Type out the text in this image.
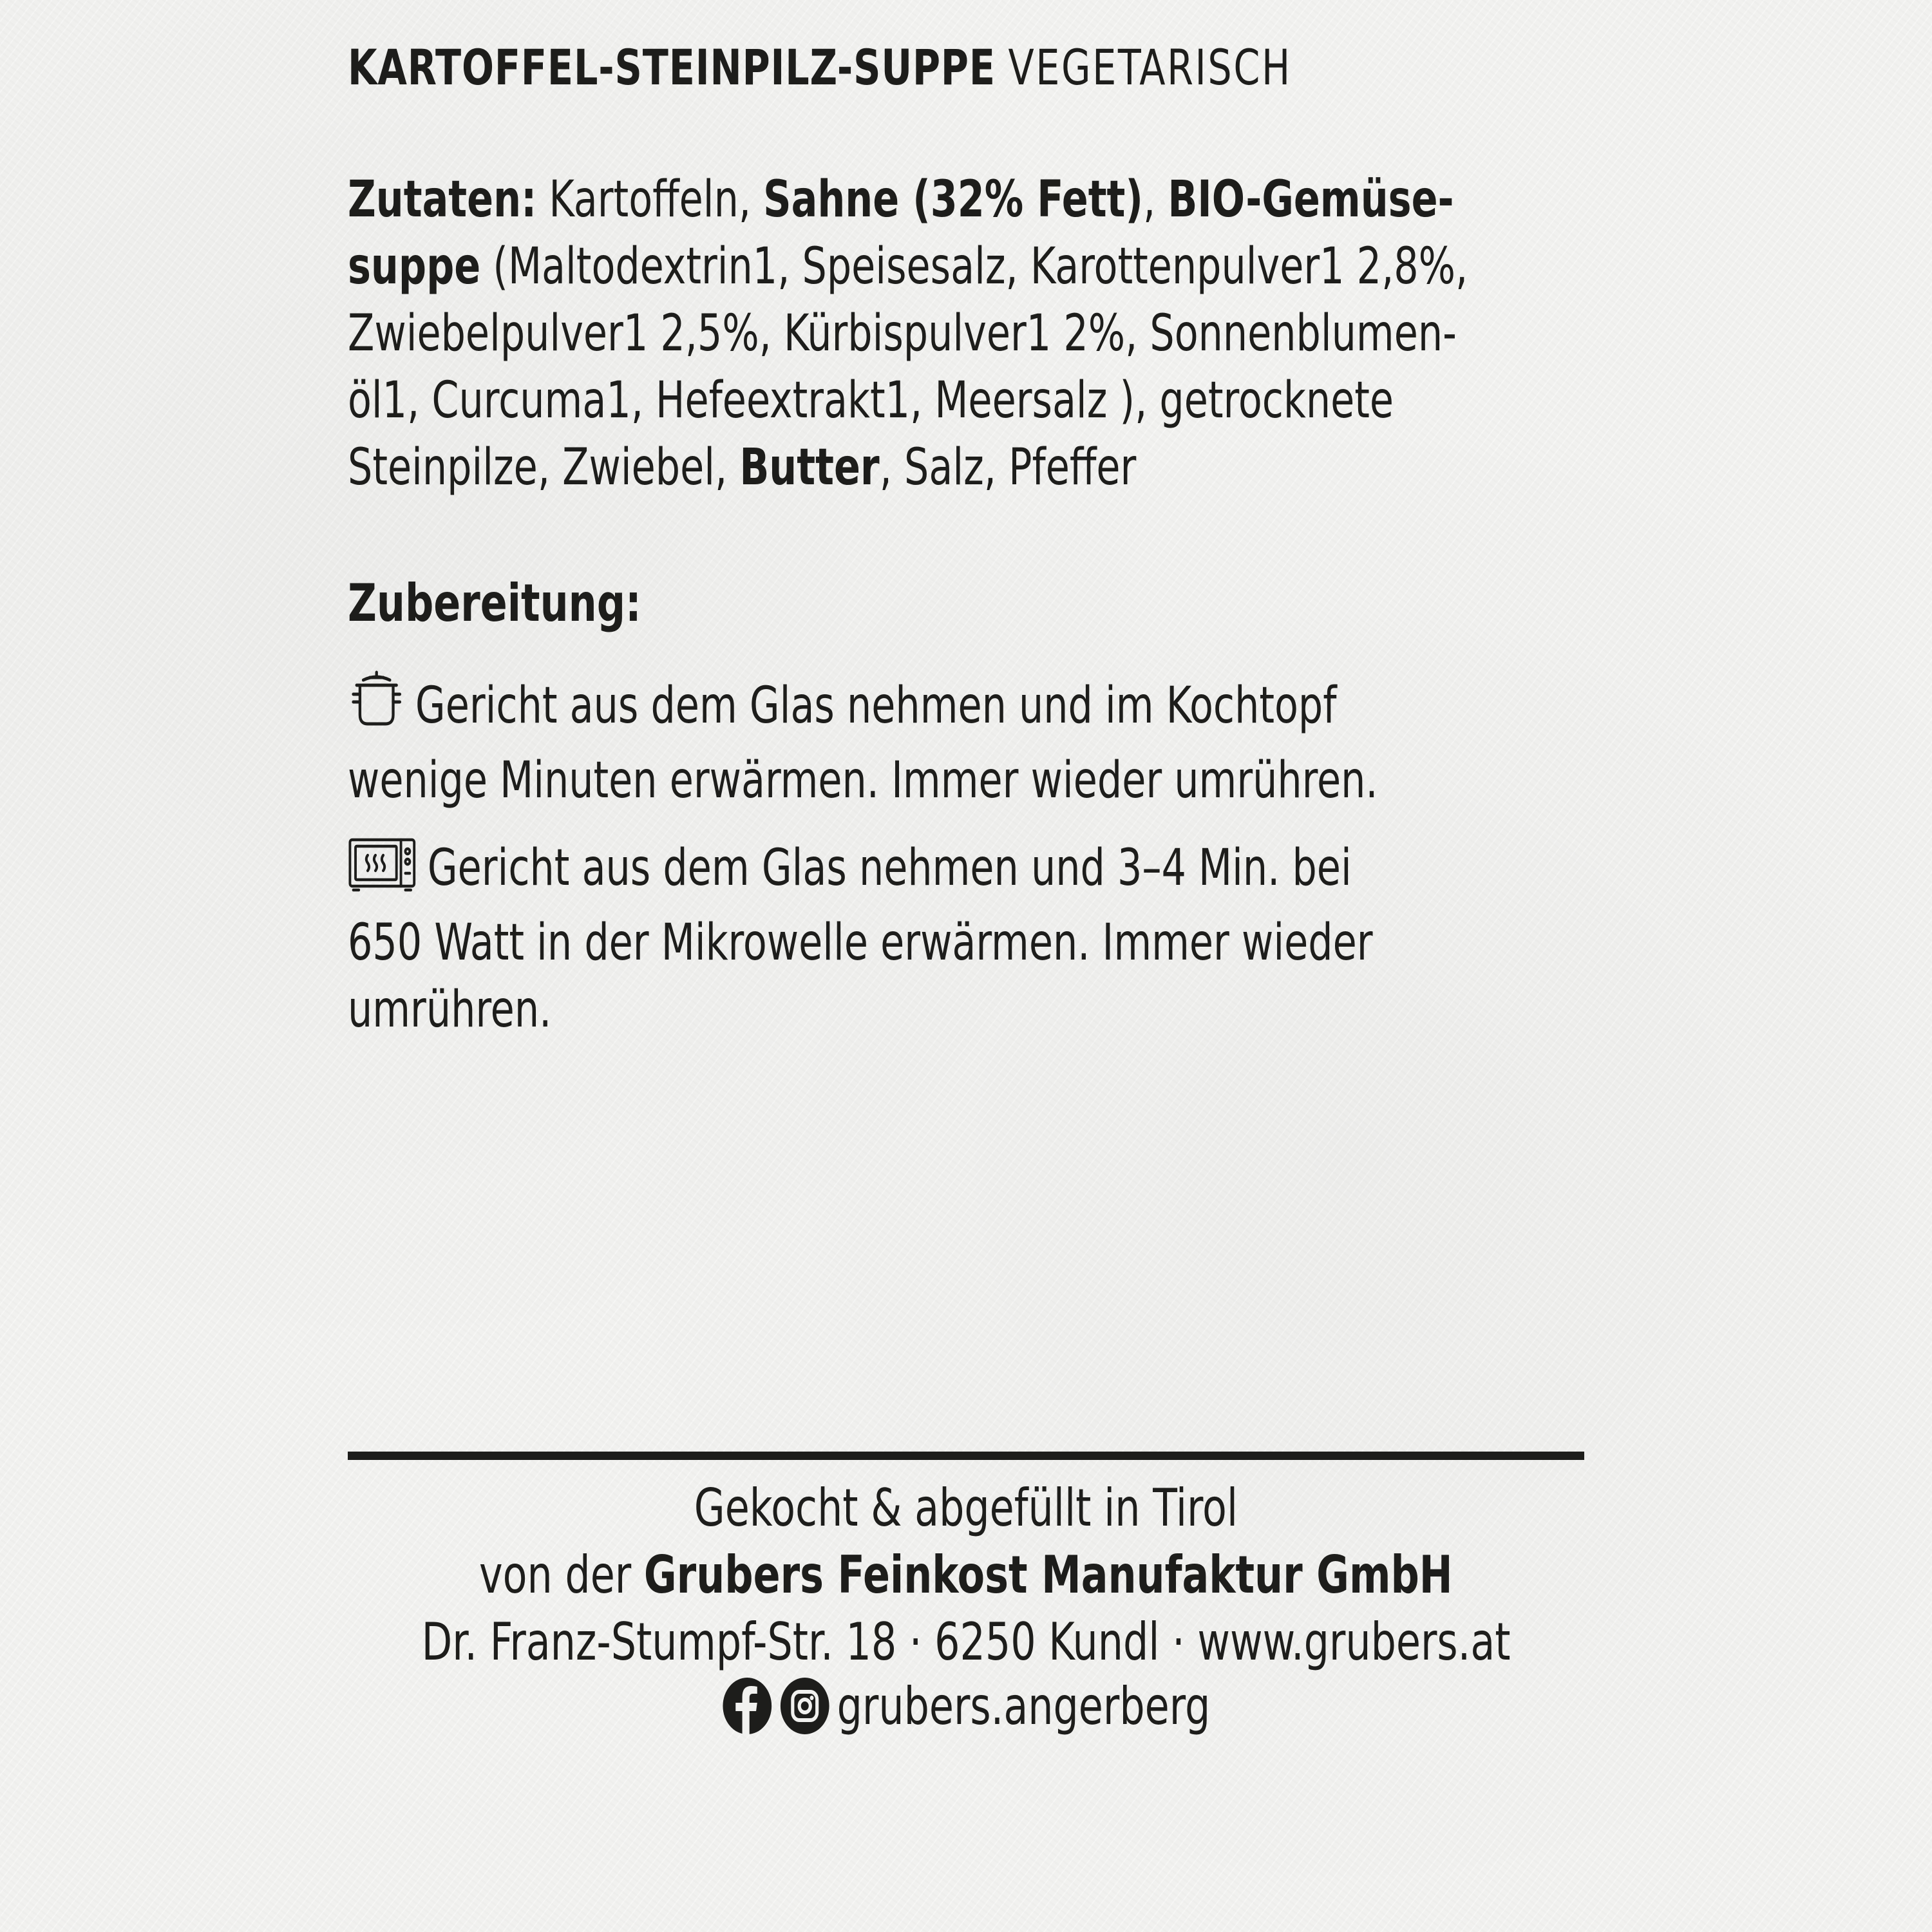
KARTOFFEL-STEINPILZ-SUPPE VEGETARISCH
Zutaten: Kartoffeln, Sahne (32% Fett), BIO-Gemüse-
suppe (Maltodextrin1, Speisesalz, Karottenpulver1 2,8%,
Zwiebelpulver1 2,5%, Kürbispulver1 2%, Sonnenblumen-
öl1, Curcuma1, Hefeextrakt1, Meersalz ), getrocknete
Steinpilze, Zwiebel, Butter, Salz, Pfeffer
Zubereitung:
Gericht aus dem Glas nehmen und im Kochtopf
wenige Minuten erwärmen. Immer wieder umrühren.
Gericht aus dem Glas nehmen und 3–4 Min. bei
650 Watt in der Mikrowelle erwärmen. Immer wieder
umrühren.
Gekocht & abgefüllt in Tirol
von der Grubers Feinkost Manufaktur GmbH
Dr. Franz-Stumpf-Str. 18 · 6250 Kundl · www.grubers.at
grubers.angerberg
